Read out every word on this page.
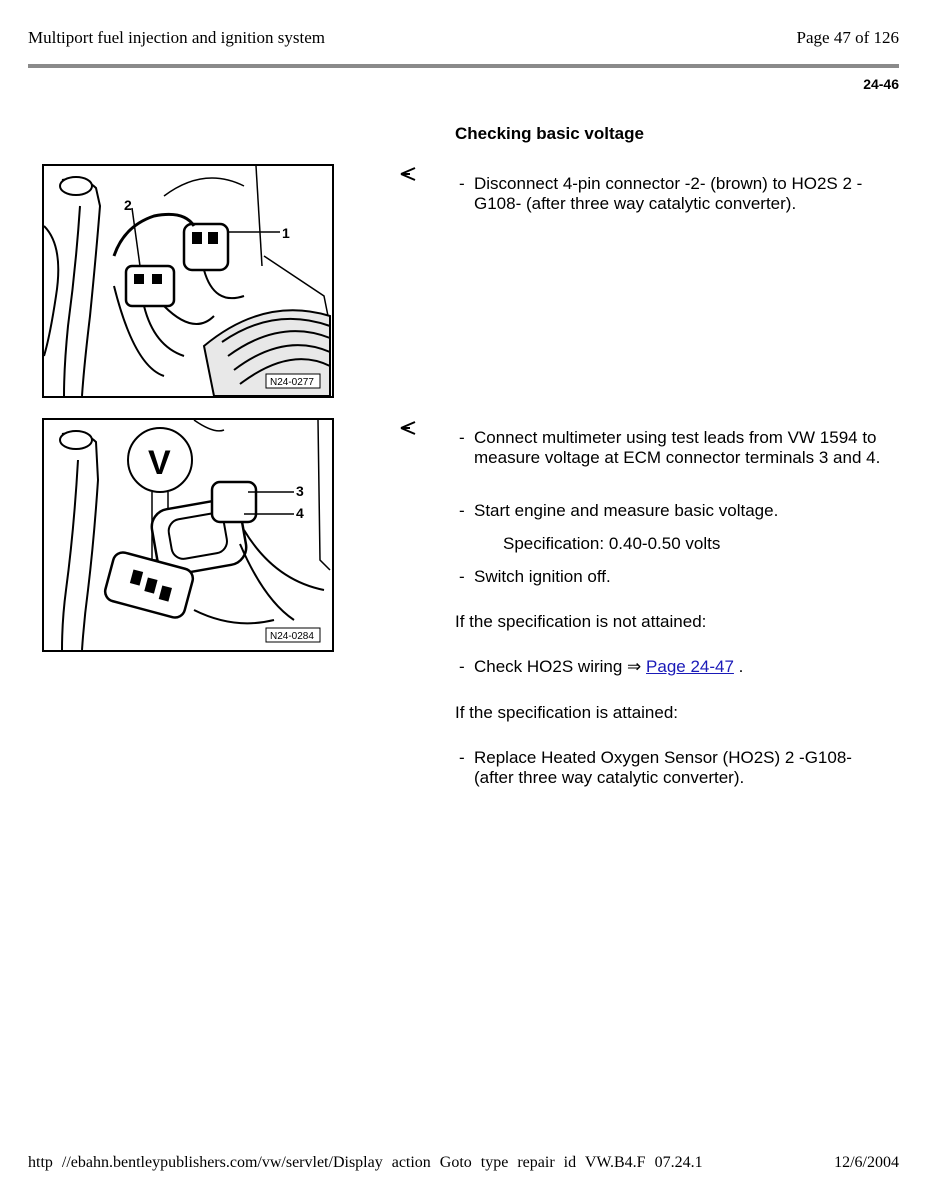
Multiport fuel injection and ignition system	Page 47 of 126
24-46
Checking basic voltage
2
1
N24-0277
- Disconnect 4-pin connector -2- (brown) to HO2S 2 -G108- (after three way catalytic converter).
V
3
4
N24-0284
- Connect multimeter using test leads from VW 1594 to measure voltage at ECM connector terminals 3 and 4.
- Start engine and measure basic voltage.
Specification: 0.40-0.50 volts
- Switch ignition off.
If the specification is not attained:
- Check HO2S wiring ⇒ Page 24-47 .
If the specification is attained:
- Replace Heated Oxygen Sensor (HO2S) 2 -G108- (after three way catalytic converter).
http //ebahn.bentleypublishers.com/vw/servlet/Display action Goto type repair id VW.B4.F 07.24.1	12/6/2004
